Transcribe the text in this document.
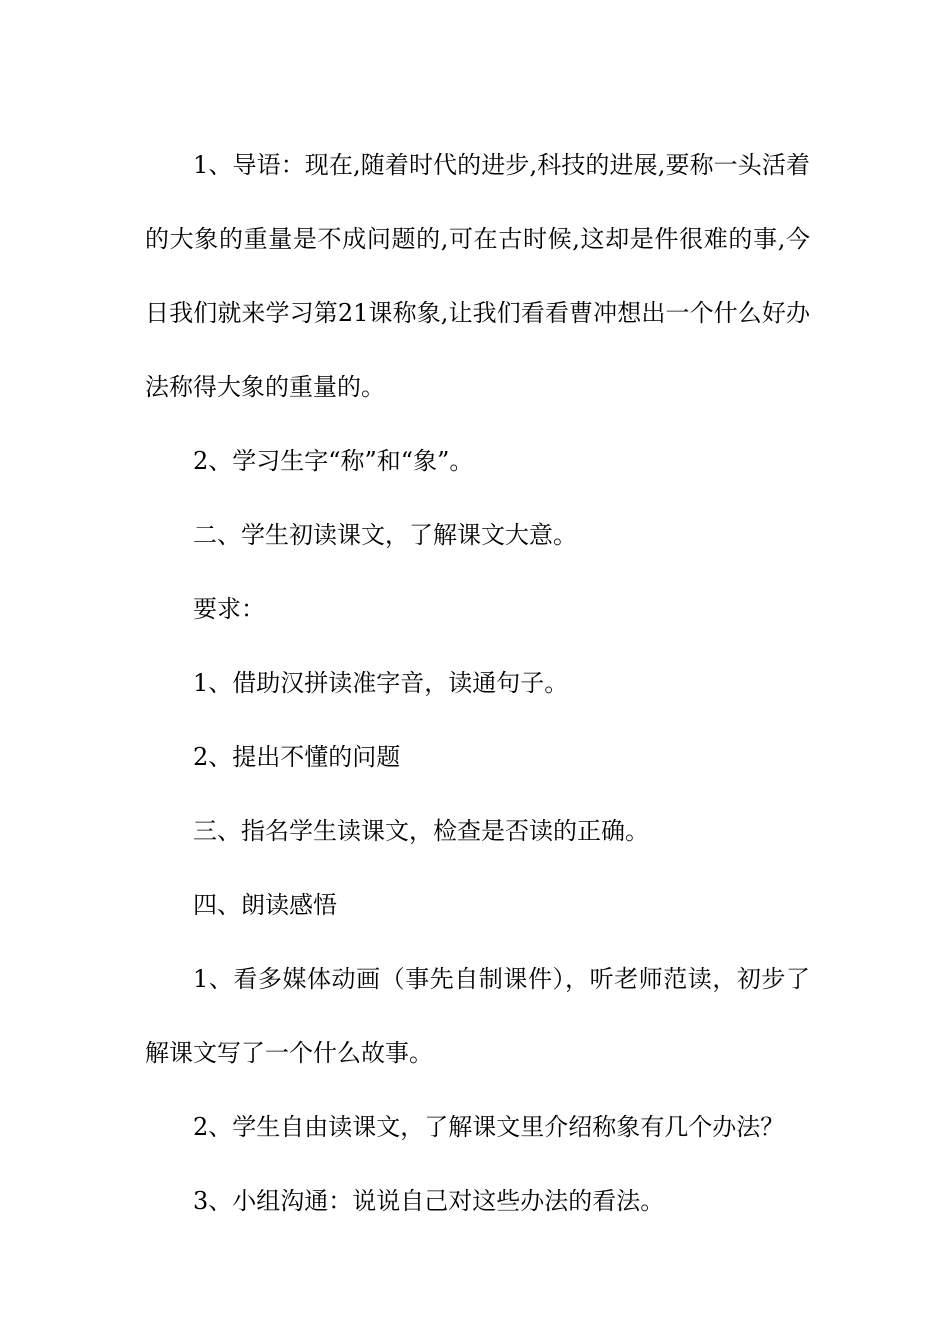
1、导语：现在,随着时代的进步,科技的进展,要称一头活着的大象的重量是不成问题的,可在古时候,这却是件很难的事,今日我们就来学习第21课称象,让我们看看曹冲想出一个什么好办法称得大象的重量的。

2、学习生字“称”和“象”。

二、学生初读课文，了解课文大意。

要求：

1、借助汉拼读准字音，读通句子。

2、提出不懂的问题

三、指名学生读课文，检查是否读的正确。

四、朗读感悟

1、看多媒体动画（事先自制课件），听老师范读，初步了解课文写了一个什么故事。

2、学生自由读课文，了解课文里介绍称象有几个办法？

3、小组沟通：说说自己对这些办法的看法。
